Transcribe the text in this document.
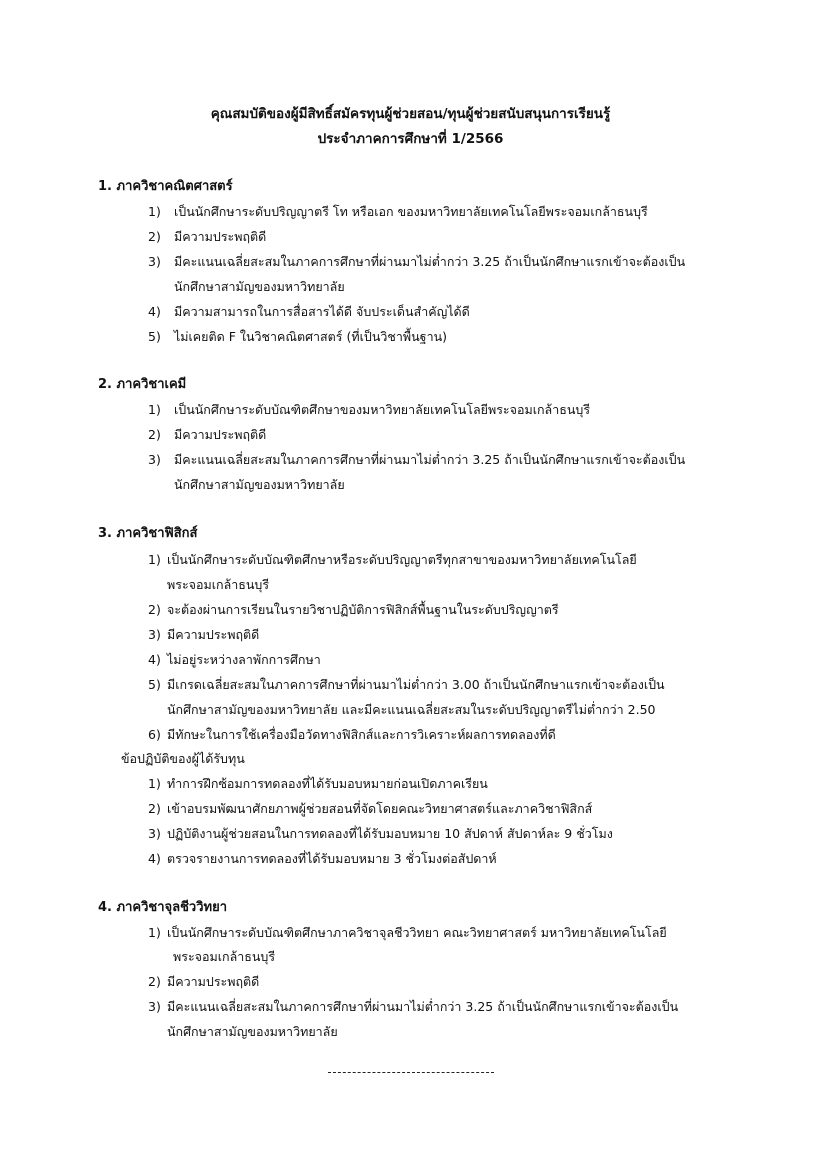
คุณสมบัติของผู้มีสิทธิ์สมัครทุนผู้ช่วยสอน/ทุนผู้ช่วยสนับสนุนการเรียนรู้
ประจำภาคการศึกษาที่ 1/2566
1. ภาควิชาคณิตศาสตร์
1) เป็นนักศึกษาระดับปริญญาตรี โท หรือเอก ของมหาวิทยาลัยเทคโนโลยีพระจอมเกล้าธนบุรี
2) มีความประพฤติดี
3) มีคะแนนเฉลี่ยสะสมในภาคการศึกษาที่ผ่านมาไม่ต่ำกว่า 3.25 ถ้าเป็นนักศึกษาแรกเข้าจะต้องเป็น
นักศึกษาสามัญของมหาวิทยาลัย
4) มีความสามารถในการสื่อสารได้ดี จับประเด็นสำคัญได้ดี
5) ไม่เคยติด F ในวิชาคณิตศาสตร์ (ที่เป็นวิชาพื้นฐาน)
2. ภาควิชาเคมี
1) เป็นนักศึกษาระดับบัณฑิตศึกษาของมหาวิทยาลัยเทคโนโลยีพระจอมเกล้าธนบุรี
2) มีความประพฤติดี
3) มีคะแนนเฉลี่ยสะสมในภาคการศึกษาที่ผ่านมาไม่ต่ำกว่า 3.25 ถ้าเป็นนักศึกษาแรกเข้าจะต้องเป็น
นักศึกษาสามัญของมหาวิทยาลัย
3. ภาควิชาฟิสิกส์
1) เป็นนักศึกษาระดับบัณฑิตศึกษาหรือระดับปริญญาตรีทุกสาขาของมหาวิทยาลัยเทคโนโลยี
พระจอมเกล้าธนบุรี
2) จะต้องผ่านการเรียนในรายวิชาปฏิบัติการฟิสิกส์พื้นฐานในระดับปริญญาตรี
3) มีความประพฤติดี
4) ไม่อยู่ระหว่างลาพักการศึกษา
5) มีเกรดเฉลี่ยสะสมในภาคการศึกษาที่ผ่านมาไม่ต่ำกว่า 3.00 ถ้าเป็นนักศึกษาแรกเข้าจะต้องเป็น
นักศึกษาสามัญของมหาวิทยาลัย และมีคะแนนเฉลี่ยสะสมในระดับปริญญาตรีไม่ต่ำกว่า 2.50
6) มีทักษะในการใช้เครื่องมือวัดทางฟิสิกส์และการวิเคราะห์ผลการทดลองที่ดี
ข้อปฏิบัติของผู้ได้รับทุน
1) ทำการฝึกซ้อมการทดลองที่ได้รับมอบหมายก่อนเปิดภาคเรียน
2) เข้าอบรมพัฒนาศักยภาพผู้ช่วยสอนที่จัดโดยคณะวิทยาศาสตร์และภาควิชาฟิสิกส์
3) ปฏิบัติงานผู้ช่วยสอนในการทดลองที่ได้รับมอบหมาย 10 สัปดาห์ สัปดาห์ละ 9 ชั่วโมง
4) ตรวจรายงานการทดลองที่ได้รับมอบหมาย 3 ชั่วโมงต่อสัปดาห์
4. ภาควิชาจุลชีววิทยา
1) เป็นนักศึกษาระดับบัณฑิตศึกษาภาควิชาจุลชีววิทยา คณะวิทยาศาสตร์ มหาวิทยาลัยเทคโนโลยี
พระจอมเกล้าธนบุรี
2) มีความประพฤติดี
3) มีคะแนนเฉลี่ยสะสมในภาคการศึกษาที่ผ่านมาไม่ต่ำกว่า 3.25 ถ้าเป็นนักศึกษาแรกเข้าจะต้องเป็น
นักศึกษาสามัญของมหาวิทยาลัย
